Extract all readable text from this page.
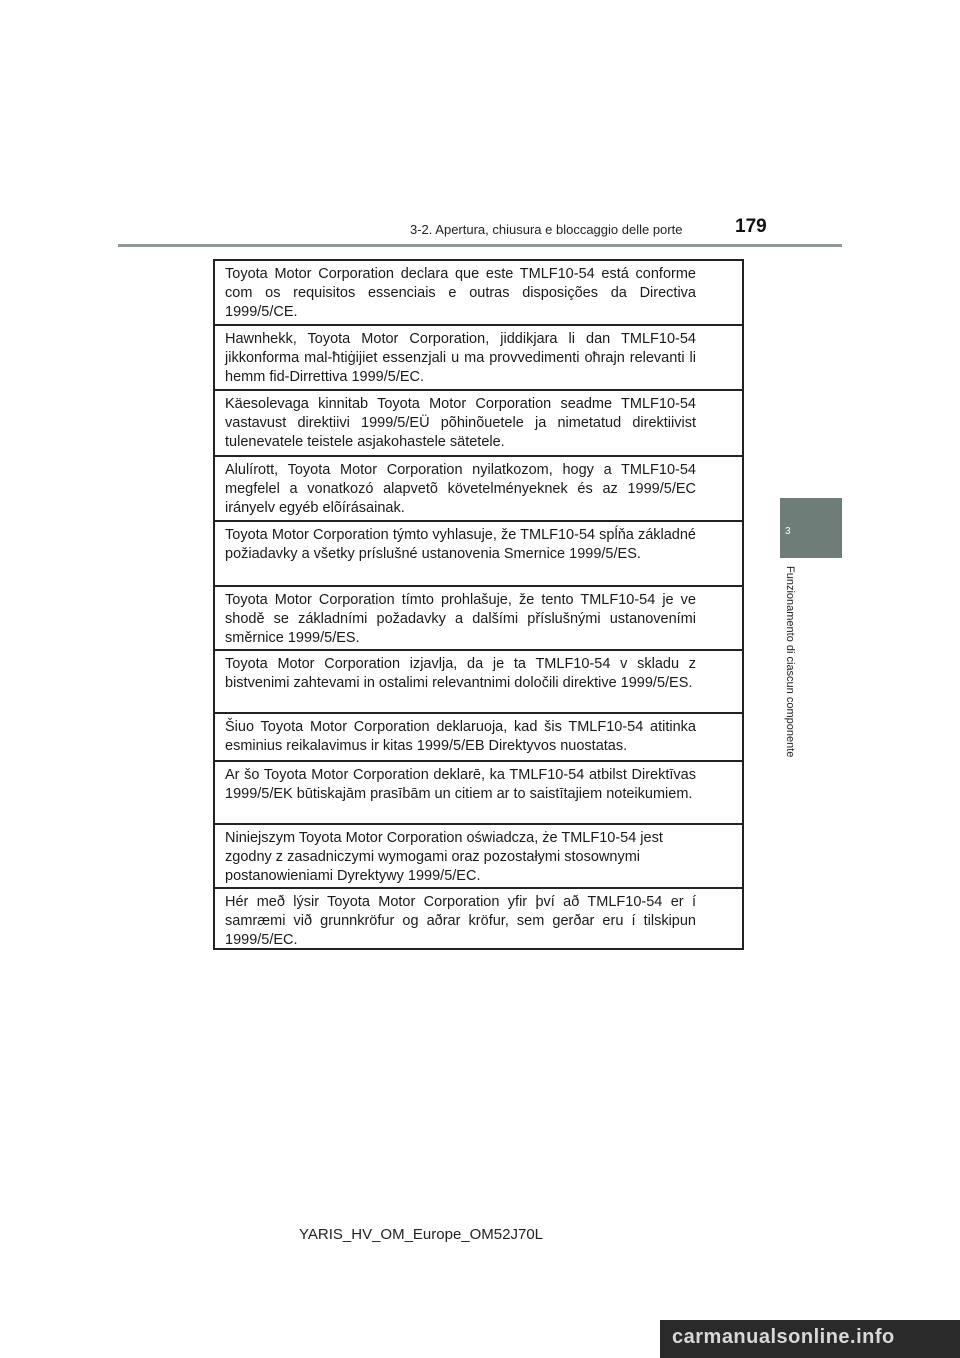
3-2. Apertura, chiusura e bloccaggio delle porte	179
3
Funzionamento di ciascun componente
Toyota Motor Corporation declara que este TMLF10-54 está conforme com os requisitos essenciais e outras disposições da Directiva 1999/5/CE.
Hawnhekk, Toyota Motor Corporation, jiddikjara li dan TMLF10-54 jikkonforma mal-ħtiġijiet essenzjali u ma provvedimenti oħrajn relevanti li hemm fid-Dirrettiva 1999/5/EC.
Käesolevaga kinnitab Toyota Motor Corporation seadme TMLF10-54 vastavust direktiivi 1999/5/EÜ põhinõuetele ja nimetatud direktiivist tulenevatele teistele asjakohastele sätetele.
Alulírott, Toyota Motor Corporation nyilatkozom, hogy a TMLF10-54 megfelel a vonatkozó alapvetõ követelményeknek és az 1999/5/EC irányelv egyéb elõírásainak.
Toyota Motor Corporation týmto vyhlasuje, že TMLF10-54 spĺňa základné požiadavky a všetky príslušné ustanovenia Smernice 1999/5/ES.
Toyota Motor Corporation tímto prohlašuje, že tento TMLF10-54 je ve shodě se základními požadavky a dalšími příslušnými ustanoveními směrnice 1999/5/ES.
Toyota Motor Corporation izjavlja, da je ta TMLF10-54 v skladu z bistvenimi zahtevami in ostalimi relevantnimi določili direktive 1999/5/ES.
Šiuo Toyota Motor Corporation deklaruoja, kad šis TMLF10-54 atitinka esminius reikalavimus ir kitas 1999/5/EB Direktyvos nuostatas.
Ar šo Toyota Motor Corporation deklarē, ka TMLF10-54 atbilst Direktīvas 1999/5/EK būtiskajām prasībām un citiem ar to saistītajiem noteikumiem.
Niniejszym Toyota Motor Corporation oświadcza, że TMLF10-54 jest zgodny z zasadniczymi wymogami oraz pozostałymi stosownymi postanowieniami Dyrektywy 1999/5/EC.
Hér með lýsir Toyota Motor Corporation yfir því að TMLF10-54 er í samræmi við grunnkröfur og aðrar kröfur, sem gerðar eru í tilskipun 1999/5/EC.
YARIS_HV_OM_Europe_OM52J70L
carmanualsonline.info
